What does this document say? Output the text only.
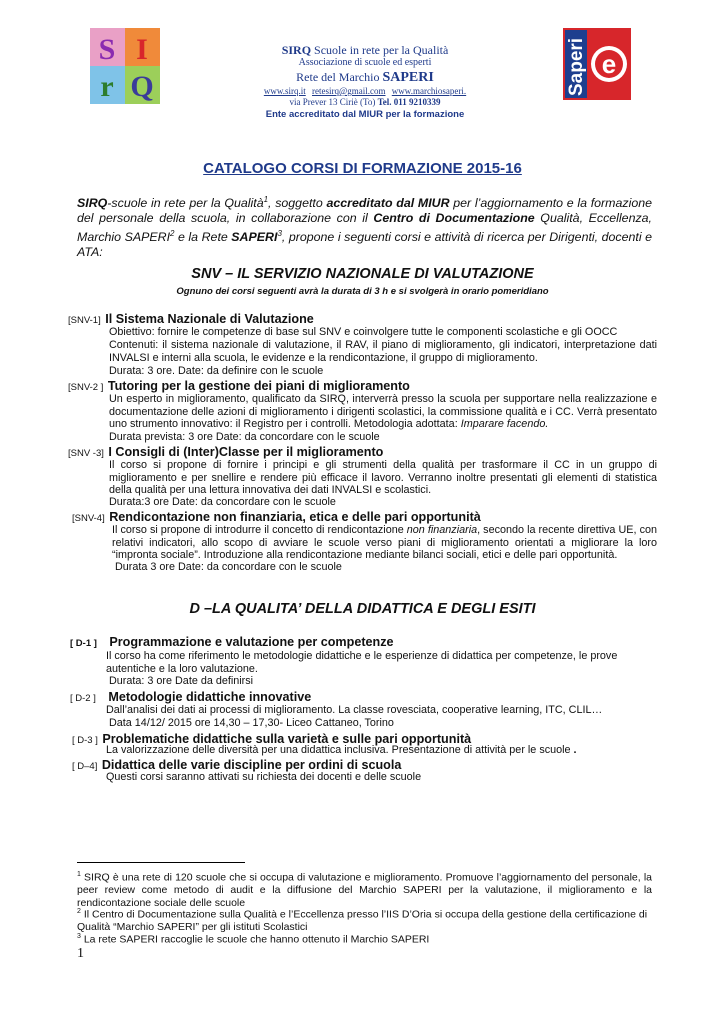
S I
r Q
SIRQ Scuole in rete per la Qualità
Associazione di scuole ed esperti
Rete del Marchio SAPERI
www.sirq.it retesirq@gmail.com www.marchiosaperi.
via Prever 13 Ciriè (To) Tel. 011 9210339
Ente accreditato dal MIUR per la formazione
Saperi e
CATALOGO CORSI DI FORMAZIONE 2015-16
SIRQ-scuole in rete per la Qualità$^1$, soggetto accreditato dal MIUR per l’aggiornamento e la formazione del personale della scuola, in collaborazione con il Centro di Documentazione Qualità, Eccellenza, Marchio SAPERI$^2$ e la Rete SAPERI$^3$, propone i seguenti corsi e attività di ricerca per Dirigenti, docenti e ATA:
SNV – IL SERVIZIO NAZIONALE DI VALUTAZIONE
Ognuno dei corsi seguenti avrà la durata di 3 h e si svolgerà in orario pomeridiano
[SNV-1] Il Sistema Nazionale di Valutazione
Obiettivo: fornire le competenze di base sul SNV e coinvolgere tutte le componenti scolastiche e gli OOCC
Contenuti: il sistema nazionale di valutazione, il RAV, il piano di miglioramento, gli indicatori, interpretazione dati INVALSI e interni alla scuola, le evidenze e la rendicontazione, il gruppo di miglioramento.
Durata: 3 ore. Date: da definire con le scuole
[SNV-2 ] Tutoring per la gestione dei piani di miglioramento
Un esperto in miglioramento, qualificato da SIRQ, interverrà presso la scuola per supportare nella realizzazione e documentazione delle azioni di miglioramento i dirigenti scolastici, la commissione qualità e i CC. Verrà presentato uno strumento innovativo: il Registro per i controlli. Metodologia adottata: Imparare facendo.
Durata prevista: 3 ore Date: da concordare con le scuole
[SNV -3] I Consigli di (Inter)Classe per il miglioramento
Il corso si propone di fornire i principi e gli strumenti della qualità per trasformare il CC in un gruppo di miglioramento e per snellire e rendere più efficace il lavoro. Verranno inoltre presentati gli elementi di statistica della qualità per una lettura innovativa dei dati INVALSI e scolastici.
Durata:3 ore Date: da concordare con le scuole
[SNV-4] Rendicontazione non finanziaria, etica e delle pari opportunità
Il corso si propone di introdurre il concetto di rendicontazione non finanziaria, secondo la recente direttiva UE, con relativi indicatori, allo scopo di avviare le scuole verso piani di miglioramento orientati a migliorare la loro “impronta sociale”. Introduzione alla rendicontazione mediante bilanci sociali, etici e delle pari opportunità.
Durata 3 ore Date: da concordare con le scuole
D –LA QUALITA’ DELLA DIDATTICA E DEGLI ESITI
[ D-1 ] Programmazione e valutazione per competenze
Il corso ha come riferimento le metodologie didattiche e le esperienze di didattica per competenze, le prove autentiche e la loro valutazione.
Durata: 3 ore Date da definirsi
[ D-2 ] Metodologie didattiche innovative
Dall’analisi dei dati ai processi di miglioramento. La classe rovesciata, cooperative learning, ITC, CLIL…
Data 14/12/ 2015 ore 14,30 – 17,30- Liceo Cattaneo, Torino
[ D-3 ] Problematiche didattiche sulla varietà e sulle pari opportunità
La valorizzazione delle diversità per una didattica inclusiva. Presentazione di attività per le scuole .
[ D–4] Didattica delle varie discipline per ordini di scuola
Questi corsi saranno attivati su richiesta dei docenti e delle scuole
$^1$ SIRQ è una rete di 120 scuole che si occupa di valutazione e miglioramento. Promuove l’aggiornamento del personale, la peer review come metodo di audit e la diffusione del Marchio SAPERI per la valutazione, il miglioramento e la rendicontazione sociale delle scuole
$^2$ Il Centro di Documentazione sulla Qualità e l’Eccellenza presso l’IIS D’Oria si occupa della gestione della certificazione di Qualità “Marchio SAPERI” per gli istituti Scolastici
$^3$ La rete SAPERI raccoglie le scuole che hanno ottenuto il Marchio SAPERI
1
